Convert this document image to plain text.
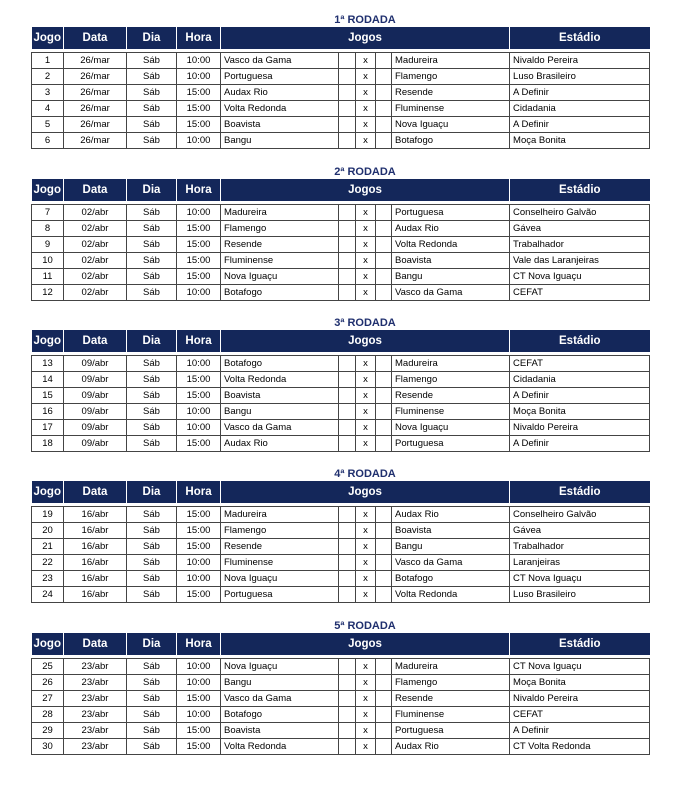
1ª RODADA
Jogo	Data	Dia	Hora	Jogos					Estádio

1	26/mar	Sáb	10:00	Vasco da Gama		x		Madureira	Nivaldo Pereira
2	26/mar	Sáb	10:00	Portuguesa		x		Flamengo	Luso Brasileiro
3	26/mar	Sáb	15:00	Audax Rio		x		Resende	A Definir
4	26/mar	Sáb	15:00	Volta Redonda		x		Fluminense	Cidadania
5	26/mar	Sáb	15:00	Boavista		x		Nova Iguaçu	A Definir
6	26/mar	Sáb	10:00	Bangu		x		Botafogo	Moça Bonita
2ª RODADA
Jogo	Data	Dia	Hora	Jogos					Estádio

7	02/abr	Sáb	10:00	Madureira		x		Portuguesa	Conselheiro Galvão
8	02/abr	Sáb	15:00	Flamengo		x		Audax Rio	Gávea
9	02/abr	Sáb	15:00	Resende		x		Volta Redonda	Trabalhador
10	02/abr	Sáb	15:00	Fluminense		x		Boavista	Vale das Laranjeiras
11	02/abr	Sáb	15:00	Nova Iguaçu		x		Bangu	CT Nova Iguaçu
12	02/abr	Sáb	10:00	Botafogo		x		Vasco da Gama	CEFAT
3ª RODADA
Jogo	Data	Dia	Hora	Jogos					Estádio

13	09/abr	Sáb	10:00	Botafogo		x		Madureira	CEFAT
14	09/abr	Sáb	15:00	Volta Redonda		x		Flamengo	Cidadania
15	09/abr	Sáb	15:00	Boavista		x		Resende	A Definir
16	09/abr	Sáb	10:00	Bangu		x		Fluminense	Moça Bonita
17	09/abr	Sáb	10:00	Vasco da Gama		x		Nova Iguaçu	Nivaldo Pereira
18	09/abr	Sáb	15:00	Audax Rio		x		Portuguesa	A Definir
4ª RODADA
Jogo	Data	Dia	Hora	Jogos					Estádio

19	16/abr	Sáb	15:00	Madureira		x		Audax Rio	Conselheiro Galvão
20	16/abr	Sáb	15:00	Flamengo		x		Boavista	Gávea
21	16/abr	Sáb	15:00	Resende		x		Bangu	Trabalhador
22	16/abr	Sáb	10:00	Fluminense		x		Vasco da Gama	Laranjeiras
23	16/abr	Sáb	10:00	Nova Iguaçu		x		Botafogo	CT Nova Iguaçu
24	16/abr	Sáb	15:00	Portuguesa		x		Volta Redonda	Luso Brasileiro
5ª RODADA
Jogo	Data	Dia	Hora	Jogos					Estádio

25	23/abr	Sáb	10:00	Nova Iguaçu		x		Madureira	CT Nova Iguaçu
26	23/abr	Sáb	10:00	Bangu		x		Flamengo	Moça Bonita
27	23/abr	Sáb	15:00	Vasco da Gama		x		Resende	Nivaldo Pereira
28	23/abr	Sáb	10:00	Botafogo		x		Fluminense	CEFAT
29	23/abr	Sáb	15:00	Boavista		x		Portuguesa	A Definir
30	23/abr	Sáb	15:00	Volta Redonda		x		Audax Rio	CT Volta Redonda
